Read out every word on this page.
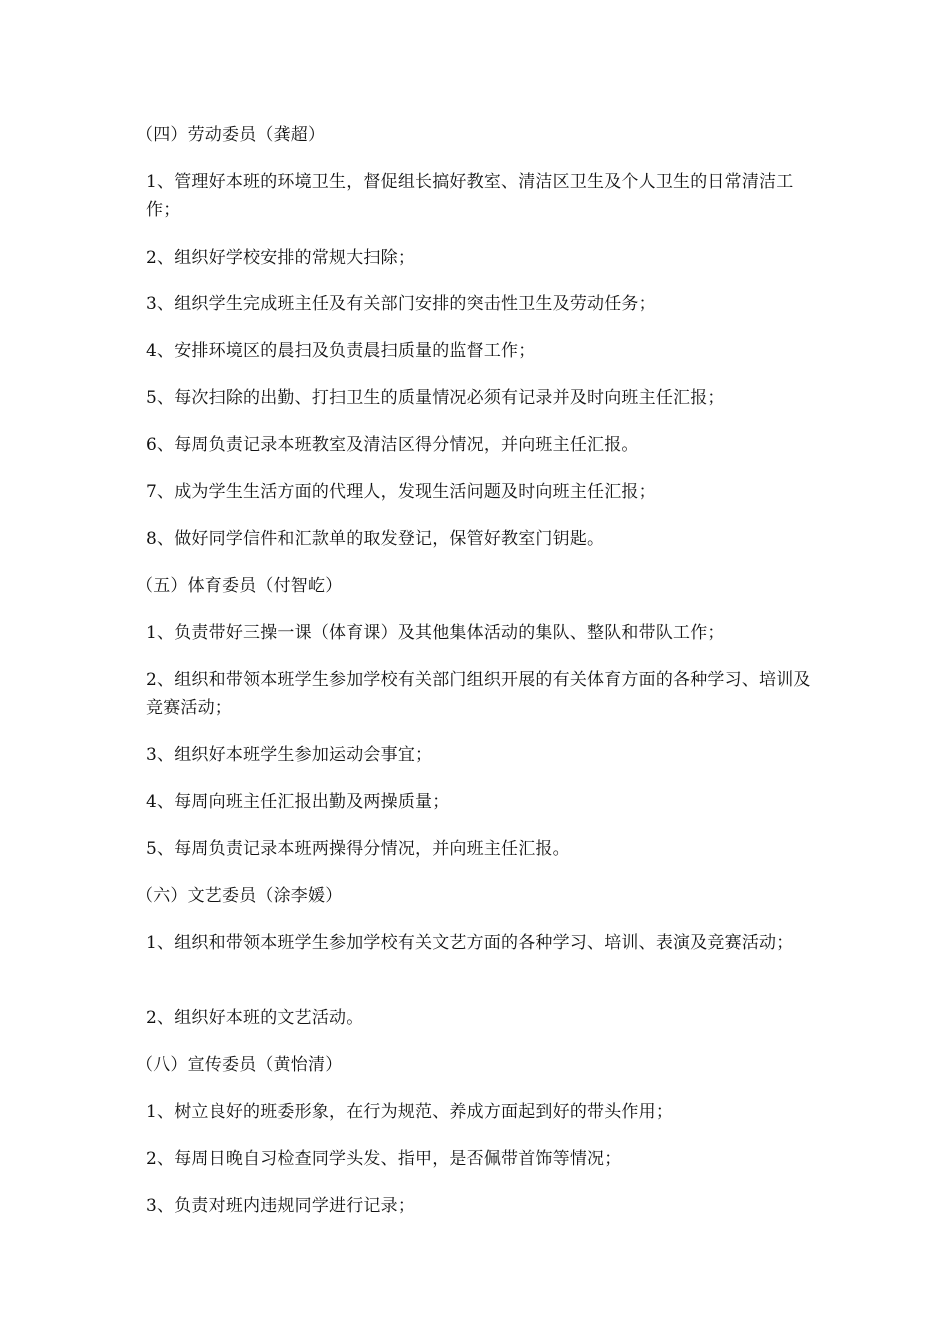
（四）劳动委员（龚超）

1、管理好本班的环境卫生，督促组长搞好教室、清洁区卫生及个人卫生的日常清洁工作；

2、组织好学校安排的常规大扫除；

3、组织学生完成班主任及有关部门安排的突击性卫生及劳动任务；

4、安排环境区的晨扫及负责晨扫质量的监督工作；

5、每次扫除的出勤、打扫卫生的质量情况必须有记录并及时向班主任汇报；

6、每周负责记录本班教室及清洁区得分情况，并向班主任汇报。

7、成为学生生活方面的代理人，发现生活问题及时向班主任汇报；

8、做好同学信件和汇款单的取发登记，保管好教室门钥匙。

（五）体育委员（付智屹）

1、负责带好三操一课（体育课）及其他集体活动的集队、整队和带队工作；

2、组织和带领本班学生参加学校有关部门组织开展的有关体育方面的各种学习、培训及竞赛活动；

3、组织好本班学生参加运动会事宜；

4、每周向班主任汇报出勤及两操质量；

5、每周负责记录本班两操得分情况，并向班主任汇报。

（六）文艺委员（涂李媛）

1、组织和带领本班学生参加学校有关文艺方面的各种学习、培训、表演及竞赛活动；

2、组织好本班的文艺活动。

（八）宣传委员（黄怡清）

1、树立良好的班委形象，在行为规范、养成方面起到好的带头作用；

2、每周日晚自习检查同学头发、指甲，是否佩带首饰等情况；

3、负责对班内违规同学进行记录；
